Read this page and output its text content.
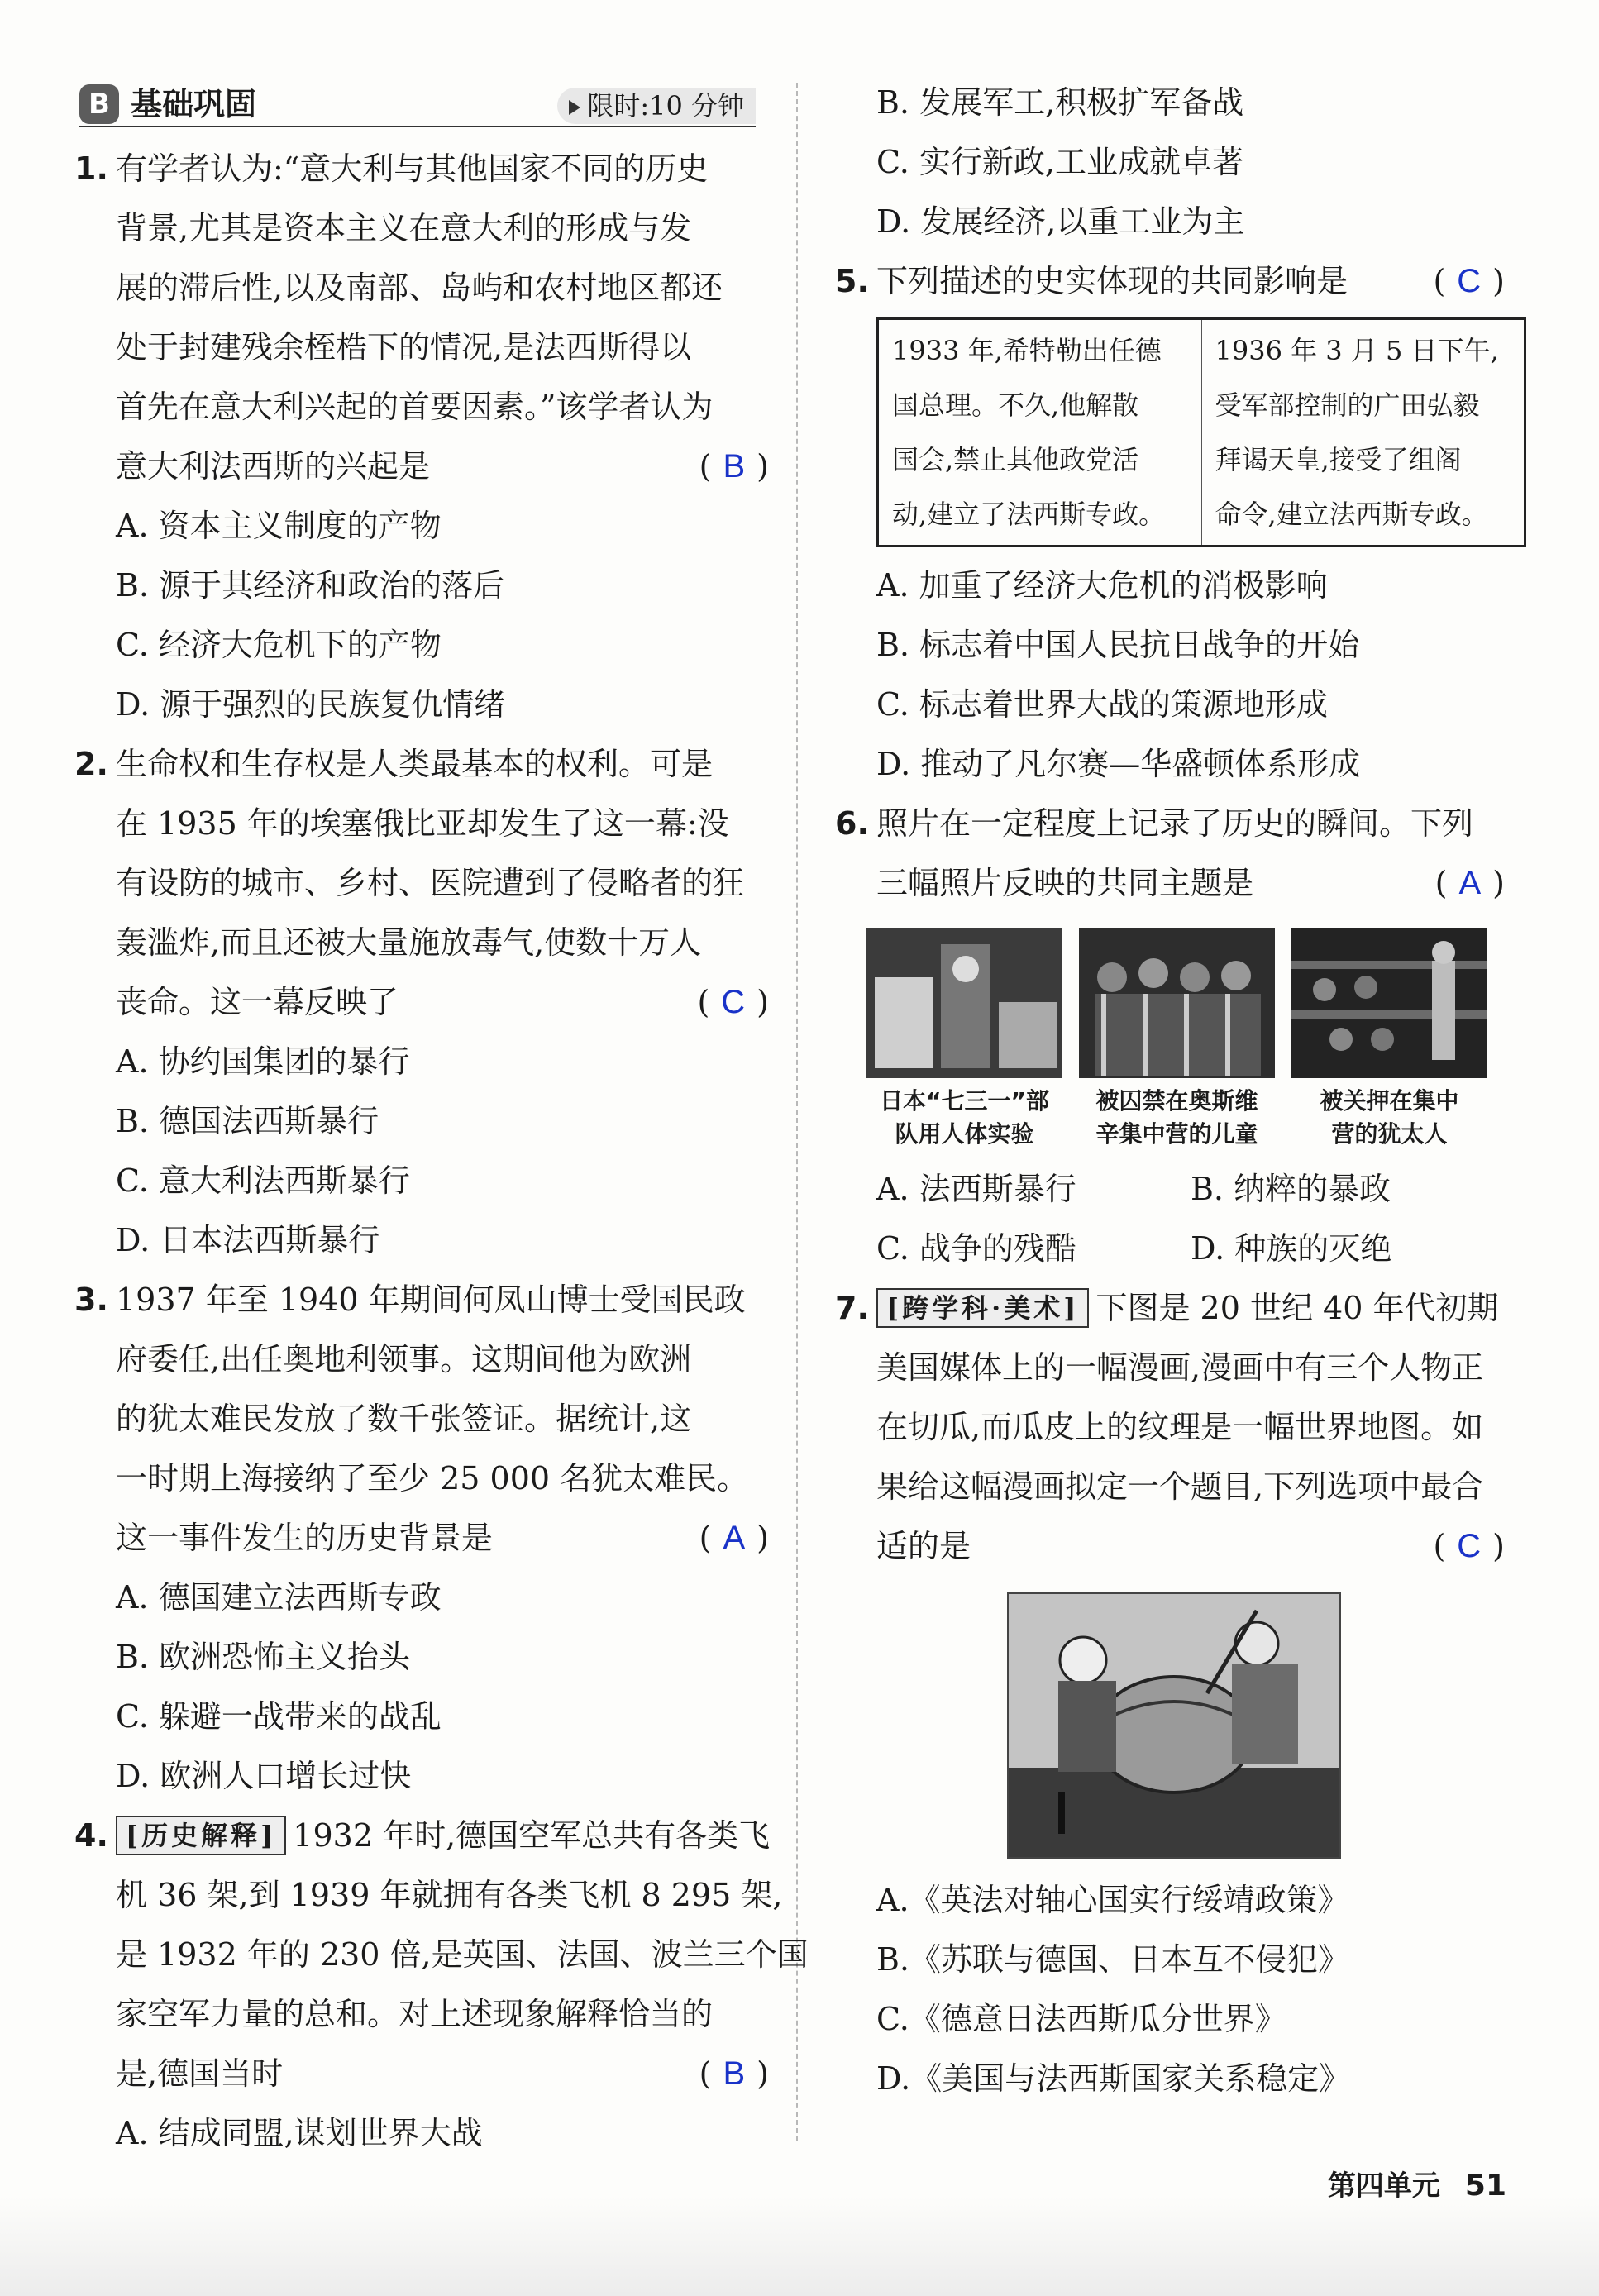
B 基础巩固	限时:10 分钟
1. 有学者认为:“意大利与其他国家不同的历史
背景,尤其是资本主义在意大利的形成与发
展的滞后性,以及南部、岛屿和农村地区都还
处于封建残余桎梏下的情况,是法西斯得以
首先在意大利兴起的首要因素。”该学者认为
意大利法西斯的兴起是	( B )
A. 资本主义制度的产物
B. 源于其经济和政治的落后
C. 经济大危机下的产物
D. 源于强烈的民族复仇情绪
2. 生命权和生存权是人类最基本的权利。可是
在 1935 年的埃塞俄比亚却发生了这一幕:没
有设防的城市、乡村、医院遭到了侵略者的狂
轰滥炸,而且还被大量施放毒气,使数十万人
丧命。这一幕反映了	( C )
A. 协约国集团的暴行
B. 德国法西斯暴行
C. 意大利法西斯暴行
D. 日本法西斯暴行
3. 1937 年至 1940 年期间何凤山博士受国民政
府委任,出任奥地利领事。这期间他为欧洲
的犹太难民发放了数千张签证。据统计,这
一时期上海接纳了至少 25 000 名犹太难民。
这一事件发生的历史背景是	( A )
A. 德国建立法西斯专政
B. 欧洲恐怖主义抬头
C. 躲避一战带来的战乱
D. 欧洲人口增长过快
4. [历史解释] 1932 年时,德国空军总共有各类飞
机 36 架,到 1939 年就拥有各类飞机 8 295 架,
是 1932 年的 230 倍,是英国、法国、波兰三个国
家空军力量的总和。对上述现象解释恰当的
是,德国当时	( B )
A. 结成同盟,谋划世界大战
B. 发展军工,积极扩军备战
C. 实行新政,工业成就卓著
D. 发展经济,以重工业为主
5. 下列描述的史实体现的共同影响是	( C )
1933 年,希特勒出任德
国总理。不久,他解散
国会,禁止其他政党活
动,建立了法西斯专政。

1936 年 3 月 5 日下午,
受军部控制的广田弘毅
拜谒天皇,接受了组阁
命令,建立法西斯专政。
A. 加重了经济大危机的消极影响
B. 标志着中国人民抗日战争的开始
C. 标志着世界大战的策源地形成
D. 推动了凡尔赛—华盛顿体系形成
6. 照片在一定程度上记录了历史的瞬间。下列
三幅照片反映的共同主题是	( A )
日本“七三一”部
队用人体实验
被囚禁在奥斯维
辛集中营的儿童
被关押在集中
营的犹太人
A. 法西斯暴行	B. 纳粹的暴政
C. 战争的残酷	D. 种族的灭绝
7. [跨学科·美术] 下图是 20 世纪 40 年代初期
美国媒体上的一幅漫画,漫画中有三个人物正
在切瓜,而瓜皮上的纹理是一幅世界地图。如
果给这幅漫画拟定一个题目,下列选项中最合
适的是	( C )
A.《英法对轴心国实行绥靖政策》
B.《苏联与德国、日本互不侵犯》
C.《德意日法西斯瓜分世界》
D.《美国与法西斯国家关系稳定》
第四单元 51
